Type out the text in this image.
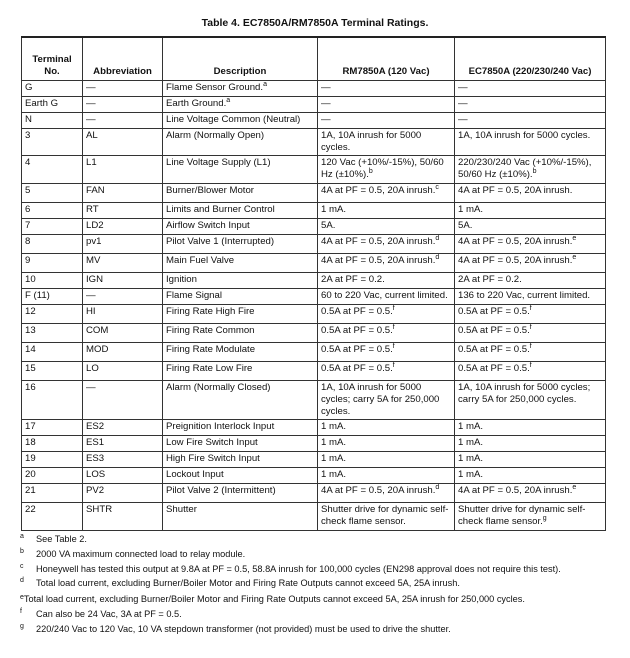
Table 4. EC7850A/RM7850A Terminal Ratings.
Terminal No.	Abbreviation	Description	RM7850A (120 Vac)	EC7850A (220/230/240 Vac)
G	—	Flame Sensor Ground.$^a$	—	—
Earth G	—	Earth Ground.$^a$	—	—
N	—	Line Voltage Common (Neutral)	—	—
3	AL	Alarm (Normally Open)	1A, 10A inrush for 5000 cycles.	1A, 10A inrush for 5000 cycles.
4	L1	Line Voltage Supply (L1)	120 Vac (+10%/-15%), 50/60 Hz (±10%).$^b$	220/230/240 Vac (+10%/-15%), 50/60 Hz (±10%).$^b$
5	FAN	Burner/Blower Motor	4A at PF = 0.5, 20A inrush.$^c$	4A at PF = 0.5, 20A inrush.
6	RT	Limits and Burner Control	1 mA.	1 mA.
7	LD2	Airflow Switch Input	5A.	5A.
8	pv1	Pilot Valve 1 (Interrupted)	4A at PF = 0.5, 20A inrush.$^d$	4A at PF = 0.5, 20A inrush.$^e$
9	MV	Main Fuel Valve	4A at PF = 0.5, 20A inrush.$^d$	4A at PF = 0.5, 20A inrush.$^e$
10	IGN	Ignition	2A at PF = 0.2.	2A at PF = 0.2.
F (11)	—	Flame Signal	60 to 220 Vac, current limited.	136 to 220 Vac, current limited.
12	HI	Firing Rate High Fire	0.5A at PF = 0.5.$^f$	0.5A at PF = 0.5.$^f$
13	COM	Firing Rate Common	0.5A at PF = 0.5.$^f$	0.5A at PF = 0.5.$^f$
14	MOD	Firing Rate Modulate	0.5A at PF = 0.5.$^f$	0.5A at PF = 0.5.$^f$
15	LO	Firing Rate Low Fire	0.5A at PF = 0.5.$^f$	0.5A at PF = 0.5.$^f$
16	—	Alarm (Normally Closed)	1A, 10A inrush for 5000 cycles; carry 5A for 250,000 cycles.	1A, 10A inrush for 5000 cycles; carry 5A for 250,000 cycles.
17	ES2	Preignition Interlock Input	1 mA.	1 mA.
18	ES1	Low Fire Switch Input	1 mA.	1 mA.
19	ES3	High Fire Switch Input	1 mA.	1 mA.
20	LOS	Lockout Input	1 mA.	1 mA.
21	PV2	Pilot Valve 2 (Intermittent)	4A at PF = 0.5, 20A inrush.$^d$	4A at PF = 0.5, 20A inrush.$^e$
22	SHTR	Shutter	Shutter drive for dynamic self-check flame sensor.	Shutter drive for dynamic self-check flame sensor.$^g$
a See Table 2.
b 2000 VA maximum connected load to relay module.
c Honeywell has tested this output at 9.8A at PF = 0.5, 58.8A inrush for 100,000 cycles (EN298 approval does not require this test).
d Total load current, excluding Burner/Boiler Motor and Firing Rate Outputs cannot exceed 5A, 25A inrush.
$^e$Total load current, excluding Burner/Boiler Motor and Firing Rate Outputs cannot exceed 5A, 25A inrush for 250,000 cycles.
f Can also be 24 Vac, 3A at PF = 0.5.
g 220/240 Vac to 120 Vac, 10 VA stepdown transformer (not provided) must be used to drive the shutter.
